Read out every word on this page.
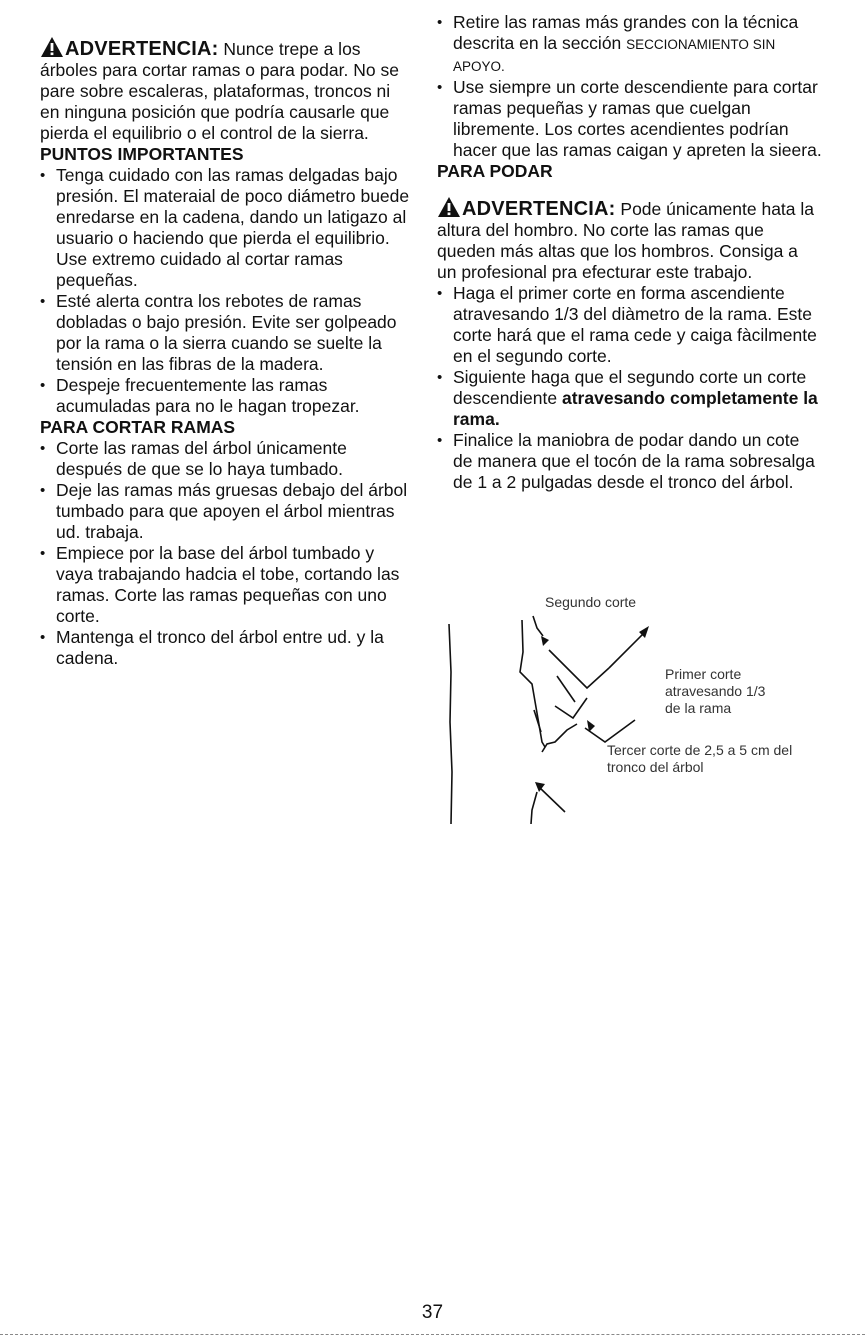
ADVERTENCIA: Nunce trepe a los árboles para cortar ramas o para podar. No se pare sobre escaleras, plataformas, troncos ni en ninguna posición que podría causarle que pierda el equilibrio o el control de la sierra.
PUNTOS IMPORTANTES
• Tenga cuidado con las ramas delgadas bajo presión. El materaial de poco diámetro buede enredarse en la cadena, dando un latigazo al usuario o haciendo que pierda el equilibrio. Use extremo cuidado al cortar ramas pequeñas.
• Esté alerta contra los rebotes de ramas dobladas o bajo presión. Evite ser golpeado por la rama o la sierra cuando se suelte la tensión en las fibras de la madera.
• Despeje frecuentemente las ramas acumuladas para no le hagan tropezar.
PARA CORTAR RAMAS
• Corte las ramas del árbol únicamente después de que se lo haya tumbado.
• Deje las ramas más gruesas debajo del árbol tumbado para que apoyen el árbol mientras ud. trabaja.
• Empiece por la base del árbol tumbado y vaya trabajando hadcia el tobe, cortando las ramas. Corte las ramas pequeñas con uno corte.
• Mantenga el tronco del árbol entre ud. y la cadena.
• Retire las ramas más grandes con la técnica descrita en la sección SECCIONAMIENTO SIN APOYO.
• Use siempre un corte descendiente para cortar ramas pequeñas y ramas que cuelgan libremente. Los cortes acendientes podrían hacer que las ramas caigan y apreten la sieera.
PARA PODAR
ADVERTENCIA: Pode únicamente hata la altura del hombro. No corte las ramas que queden más altas que los hombros. Consiga a un profesional pra efecturar este trabajo.
• Haga el primer corte en forma ascendiente atravesando 1/3 del diàmetro de la rama. Este corte hará que el rama cede y caiga fàcilmente en el segundo corte.
• Siguiente haga que el segundo corte un corte descendiente atravesando completamente la rama.
• Finalice la maniobra de podar dando un cote de manera que el tocón de la rama sobresalga de 1 a 2 pulgadas desde el tronco del árbol.
Segundo corte
Primer corte atravesando 1/3 de la rama
Tercer corte de 2,5 a 5 cm del tronco del árbol
37
